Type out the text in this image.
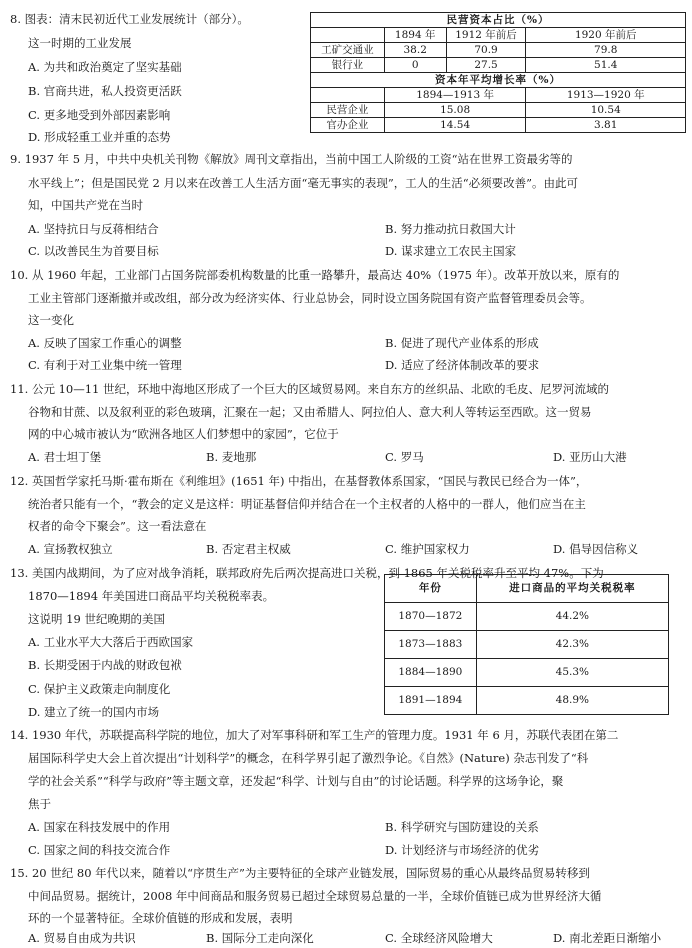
8. 图表：清末民初近代工业发展统计（部分）。
这一时期的工业发展
A. 为共和政治奠定了坚实基础
B. 官商共进，私人投资更活跃
C. 更多地受到外部因素影响
D. 形成轻重工业并重的态势
民营资本占比（%）			
	1894 年	1912 年前后	1920 年前后
工矿交通业	38.2	70.9	79.8
银行业	0	27.5	51.4
资本年平均增长率（%）			
	1894—1913 年		1913—1920 年
民营企业	15.08		10.54
官办企业	14.54		3.81
9. 1937 年 5 月，中共中央机关刊物《解放》周刊文章指出，当前中国工人阶级的工资“站在世界工资最劣等的
水平线上”；但是国民党 2 月以来在改善工人生活方面“毫无事实的表现”，工人的生活“必须要改善”。由此可
知，中国共产党在当时
A. 坚持抗日与反蒋相结合	B. 努力推动抗日救国大计
C. 以改善民生为首要目标	D. 谋求建立工农民主国家
10. 从 1960 年起，工业部门占国务院部委机构数量的比重一路攀升，最高达 40%（1975 年）。改革开放以来，原有的
工业主管部门逐渐撤并或改组，部分改为经济实体、行业总协会，同时设立国务院国有资产监督管理委员会等。
这一变化
A. 反映了国家工作重心的调整	B. 促进了现代产业体系的形成
C. 有利于对工业集中统一管理	D. 适应了经济体制改革的要求
11. 公元 10—11 世纪，环地中海地区形成了一个巨大的区域贸易网。来自东方的丝织品、北欧的毛皮、尼罗河流域的
谷物和甘蔗、以及叙利亚的彩色玻璃，汇聚在一起；又由希腊人、阿拉伯人、意大利人等转运至西欧。这一贸易
网的中心城市被认为“欧洲各地区人们梦想中的家园”，它位于
A. 君士坦丁堡	B. 麦地那	C. 罗马	D. 亚历山大港
12. 英国哲学家托马斯·霍布斯在《利维坦》(1651 年) 中指出，在基督教体系国家，“国民与教民已经合为一体”，
统治者只能有一个，“教会的定义是这样：明证基督信仰并结合在一个主权者的人格中的一群人，他们应当在主
权者的命令下聚会”。这一看法意在
A. 宣扬教权独立	B. 否定君主权威	C. 维护国家权力	D. 倡导因信称义
13. 美国内战期间，为了应对战争消耗，联邦政府先后两次提高进口关税，到 1865 年关税税率升至平均 47%。下为
1870—1894 年美国进口商品平均关税税率表。
这说明 19 世纪晚期的美国
A. 工业水平大大落后于西欧国家
B. 长期受困于内战的财政包袱
C. 保护主义政策走向制度化
D. 建立了统一的国内市场
年份	进口商品的平均关税税率
1870—1872	44.2%
1873—1883	42.3%
1884—1890	45.3%
1891—1894	48.9%
14. 1930 年代，苏联提高科学院的地位，加大了对军事科研和军工生产的管理力度。1931 年 6 月，苏联代表团在第二
届国际科学史大会上首次提出“计划科学”的概念，在科学界引起了激烈争论。《自然》(Nature) 杂志刊发了“科
学的社会关系”“科学与政府”等主题文章，还发起“科学、计划与自由”的讨论话题。科学界的这场争论，聚
焦于
A. 国家在科技发展中的作用	B. 科学研究与国防建设的关系
C. 国家之间的科技交流合作	D. 计划经济与市场经济的优劣
15. 20 世纪 80 年代以来，随着以“序贯生产”为主要特征的全球产业链发展，国际贸易的重心从最终品贸易转移到
中间品贸易。据统计，2008 年中间商品和服务贸易已超过全球贸易总量的一半，全球价值链已成为世界经济大循
环的一个显著特征。全球价值链的形成和发展，表明
A. 贸易自由成为共识	B. 国际分工走向深化	C. 全球经济风险增大	D. 南北差距日渐缩小
